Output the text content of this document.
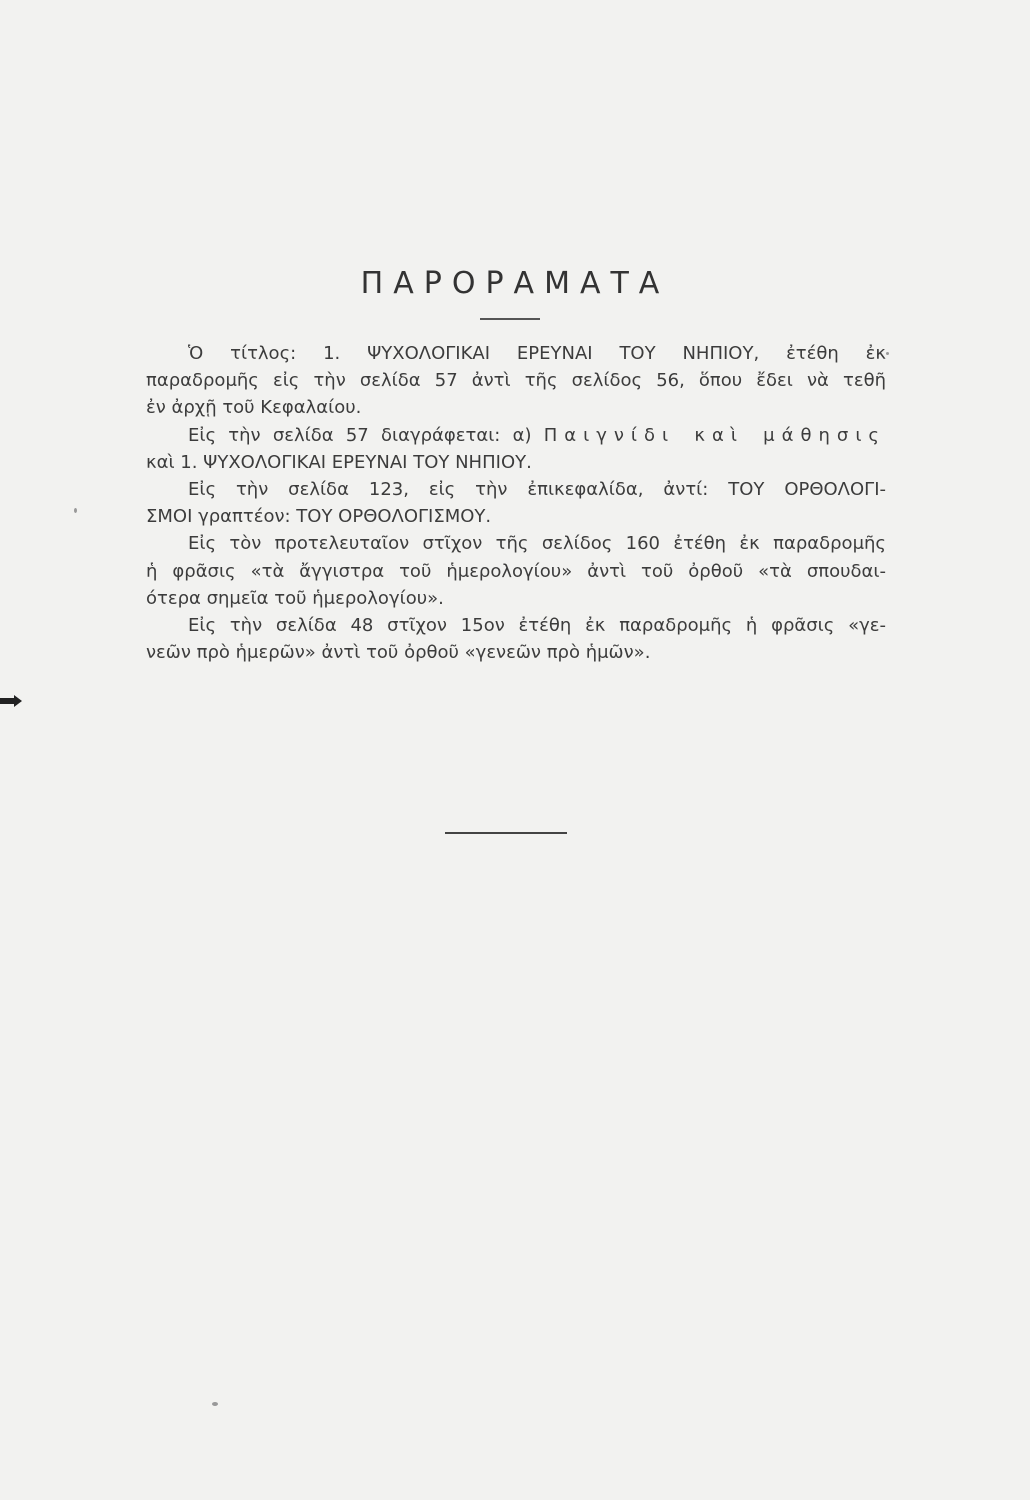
ΠΑΡΟΡΑΜΑΤΑ

Ὁ τίτλος: 1. ΨΥΧΟΛΟΓΙΚΑΙ ΕΡΕΥΝΑΙ ΤΟΥ ΝΗΠΙΟΥ, ἐτέθη ἐκ
παραδρομῆς εἰς τὴν σελίδα 57 ἀντὶ τῆς σελίδος 56, ὅπου ἔδει νὰ τεθῆ
ἐν ἀρχῇ τοῦ Κεφαλαίου.

Εἰς τὴν σελίδα 57 διαγράφεται: α) Παιγνίδι καὶ μάθησις
καὶ 1. ΨΥΧΟΛΟΓΙΚΑΙ ΕΡΕΥΝΑΙ ΤΟΥ ΝΗΠΙΟΥ.

Εἰς τὴν σελίδα 123, εἰς τὴν ἐπικεφαλίδα, ἀντί: ΤΟΥ ΟΡΘΟΛΟΓΙ-
ΣΜΟΙ γραπτέον: ΤΟΥ ΟΡΘΟΛΟΓΙΣΜΟΥ.

Εἰς τὸν προτελευταῖον στῖχον τῆς σελίδος 160 ἐτέθη ἐκ παραδρομῆς
ἡ φρᾶσις «τὰ ἄγγιστρα τοῦ ἡμερολογίου» ἀντὶ τοῦ ὀρθοῦ «τὰ σπουδαι-
ότερα σημεῖα τοῦ ἡμερολογίου».

Εἰς τὴν σελίδα 48 στῖχον 15ον ἐτέθη ἐκ παραδρομῆς ἡ φρᾶσις «γε-
νεῶν πρὸ ἡμερῶν» ἀντὶ τοῦ ὀρθοῦ «γενεῶν πρὸ ἡμῶν».
